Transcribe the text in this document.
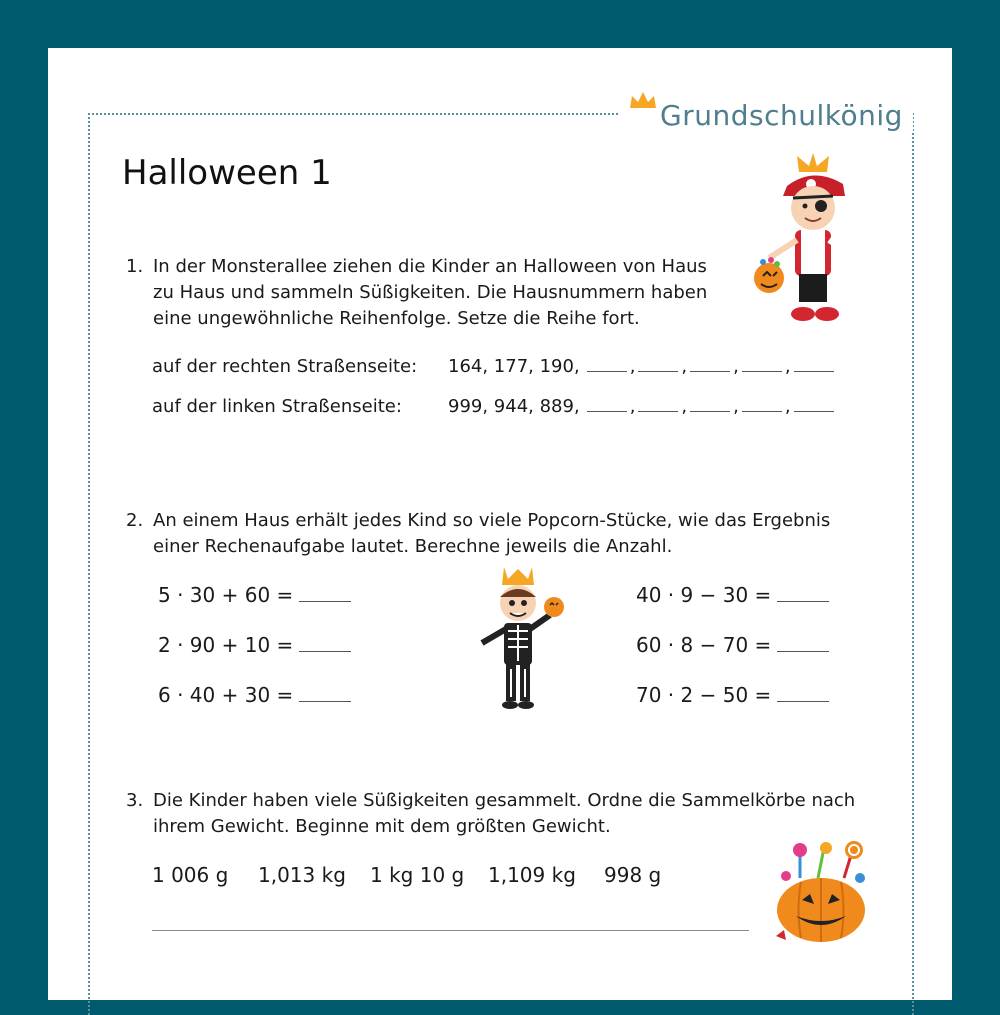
Grundschulkönig
Halloween 1
1. In der Monsterallee ziehen die Kinder an Halloween von Haus zu Haus und sammeln Süßigkeiten. Die Hausnummern haben eine ungewöhnliche Reihenfolge. Setze die Reihe fort.
auf der rechten Straßenseite: 164, 177, 190,	,	,	,	,
auf der linken Straßenseite:	999, 944, 889,	,	,	,	,
2. An einem Haus erhält jedes Kind so viele Popcorn-Stücke, wie das Ergebnis einer Rechenaufgabe lautet. Berechne jeweils die Anzahl.
5 · 30 + 60 =
2 · 90 + 10 =
6 · 40 + 30 =
40 · 9 − 30 =
60 · 8 − 70 =
70 · 2 − 50 =
3. Die Kinder haben viele Süßigkeiten gesammelt. Ordne die Sammelkörbe nach ihrem Gewicht. Beginne mit dem größten Gewicht.
1 006 g 1,013 kg 1 kg 10 g 1,109 kg 998 g
